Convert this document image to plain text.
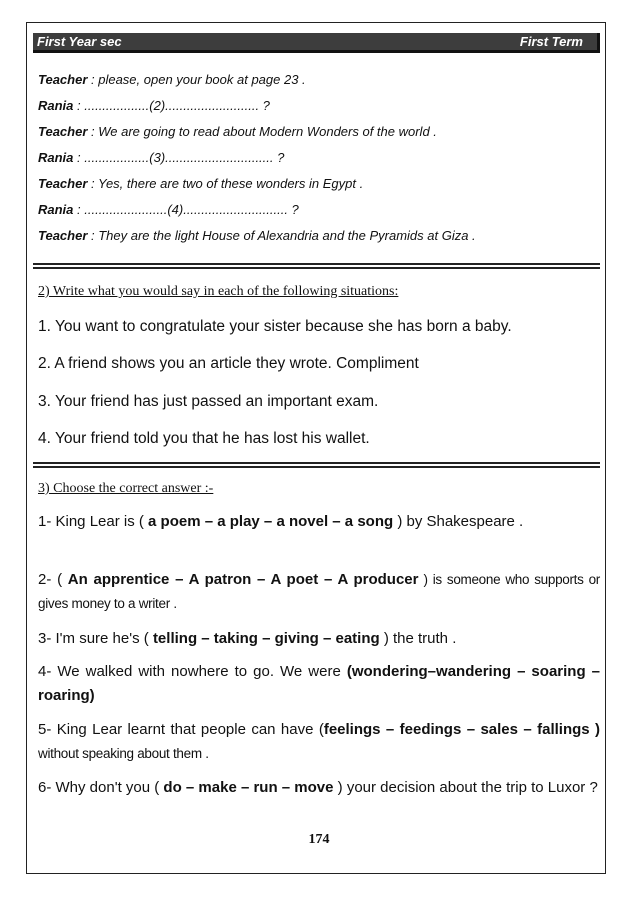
First Year sec	First Term
Teacher : please, open your book at page 23 .
Rania : ..................(2).......................... ?
Teacher : We are going to read about Modern Wonders of the world .
Rania : ..................(3).............................. ?
Teacher : Yes, there are two of these wonders in Egypt .
Rania : .......................(4)............................. ?
Teacher : They are the light House of Alexandria and the Pyramids at Giza .
2) Write what you would say in each of the following situations:
1. You want to congratulate your sister because she has born a baby.
2. A friend shows you an article they wrote. Compliment
3. Your friend has just passed an important exam.
4. Your friend told you that he has lost his wallet.
3) Choose the correct answer :-
1- King Lear is ( a poem – a play – a novel – a song ) by Shakespeare .
2- ( An apprentice – A patron – A poet – A producer ) is someone who supports or gives money to a writer .
3- I'm sure he's ( telling – taking – giving – eating ) the truth .
4- We walked with nowhere to go. We were (wondering–wandering – soaring – roaring)
5- King Lear learnt that people can have (feelings – feedings – sales – fallings ) without speaking about them .
6- Why don't you ( do – make – run – move ) your decision about the trip to Luxor ?
174
